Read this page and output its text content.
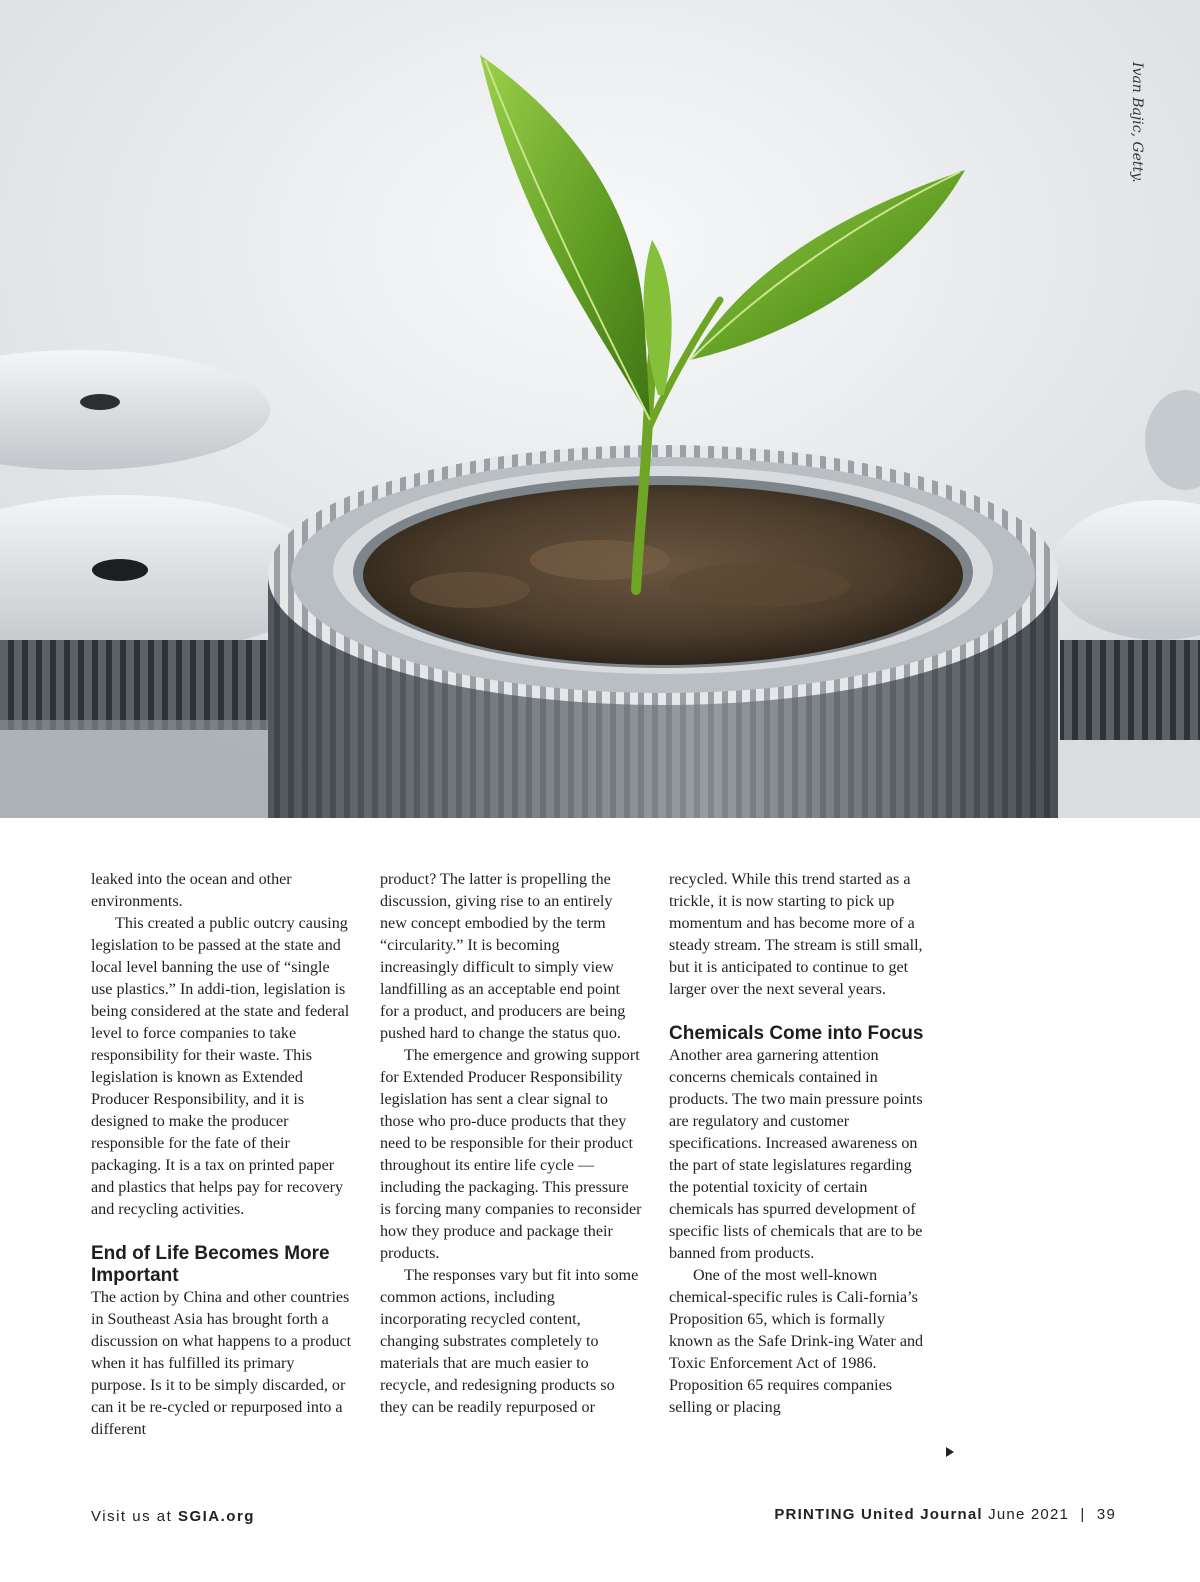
Ivan Bajic, Getty.

leaked into the ocean and other environments.

This created a public outcry causing legislation to be passed at the state and local level banning the use of “single use plastics.” In addi-tion, legislation is being considered at the state and federal level to force companies to take responsibility for their waste. This legislation is known as Extended Producer Responsibility, and it is designed to make the producer responsible for the fate of their packaging. It is a tax on printed paper and plastics that helps pay for recovery and recycling activities.

End of Life Becomes More Important

The action by China and other countries in Southeast Asia has brought forth a discussion on what happens to a product when it has fulfilled its primary purpose. Is it to be simply discarded, or can it be re-cycled or repurposed into a different

product? The latter is propelling the discussion, giving rise to an entirely new concept embodied by the term “circularity.” It is becoming increasingly difficult to simply view landfilling as an acceptable end point for a product, and producers are being pushed hard to change the status quo.

The emergence and growing support for Extended Producer Responsibility legislation has sent a clear signal to those who pro-duce products that they need to be responsible for their product throughout its entire life cycle — including the packaging. This pressure is forcing many companies to reconsider how they produce and package their products.

The responses vary but fit into some common actions, including incorporating recycled content, changing substrates completely to materials that are much easier to recycle, and redesigning products so they can be readily repurposed or

recycled. While this trend started as a trickle, it is now starting to pick up momentum and has become more of a steady stream. The stream is still small, but it is anticipated to continue to get larger over the next several years.

Chemicals Come into Focus

Another area garnering attention concerns chemicals contained in products. The two main pressure points are regulatory and customer specifications. Increased awareness on the part of state legislatures regarding the potential toxicity of certain chemicals has spurred development of specific lists of chemicals that are to be banned from products.

One of the most well-known chemical-specific rules is Cali-fornia’s Proposition 65, which is formally known as the Safe Drink-ing Water and Toxic Enforcement Act of 1986. Proposition 65 requires companies selling or placing

Visit us at SGIA.org	PRINTING United Journal June 2021 | 39
